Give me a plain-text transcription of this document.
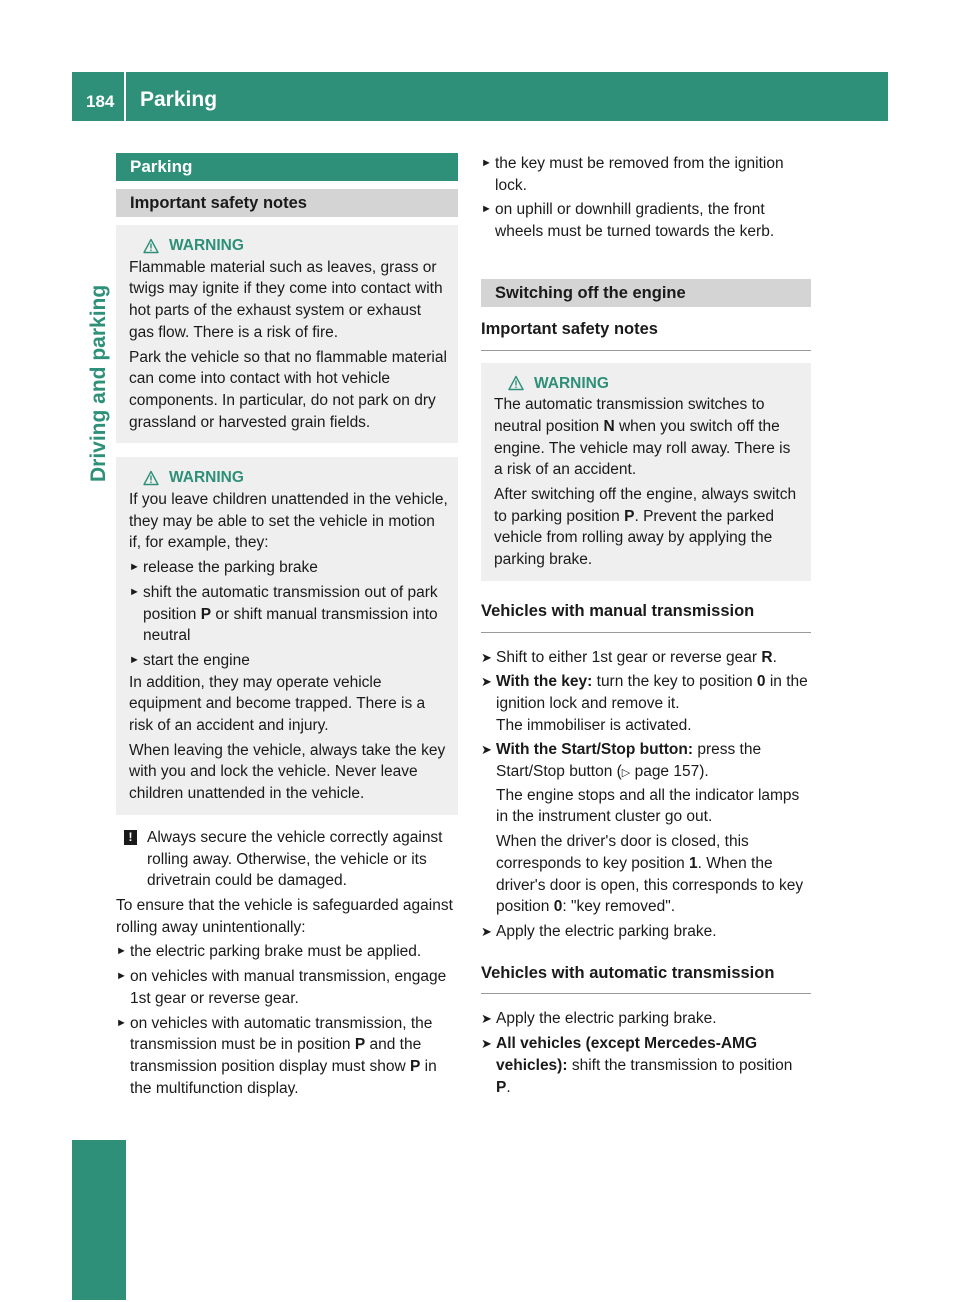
184 Parking
Driving and parking
Parking
Important safety notes
WARNING

Flammable material such as leaves, grass or twigs may ignite if they come into contact with hot parts of the exhaust system or exhaust gas flow. There is a risk of fire.

Park the vehicle so that no flammable material can come into contact with hot vehicle components. In particular, do not park on dry grassland or harvested grain fields.

WARNING

If you leave children unattended in the vehicle, they may be able to set the vehicle in motion if, for example, they:

► release the parking brake
► shift the automatic transmission out of park position P or shift manual transmission into neutral
► start the engine

In addition, they may operate vehicle equipment and become trapped. There is a risk of an accident and injury.

When leaving the vehicle, always take the key with you and lock the vehicle. Never leave children unattended in the vehicle.

! Always secure the vehicle correctly against rolling away. Otherwise, the vehicle or its drivetrain could be damaged.

To ensure that the vehicle is safeguarded against rolling away unintentionally:

► the electric parking brake must be applied.
► on vehicles with manual transmission, engage 1st gear or reverse gear.
► on vehicles with automatic transmission, the transmission must be in position P and the transmission position display must show P in the multifunction display.
► the key must be removed from the ignition lock.
► on uphill or downhill gradients, the front wheels must be turned towards the kerb.
Switching off the engine
Important safety notes
WARNING

The automatic transmission switches to neutral position N when you switch off the engine. The vehicle may roll away. There is a risk of an accident.

After switching off the engine, always switch to parking position P. Prevent the parked vehicle from rolling away by applying the parking brake.

Vehicles with manual transmission
➤ Shift to either 1st gear or reverse gear R.
➤ With the key: turn the key to position 0 in the ignition lock and remove it.
The immobiliser is activated.
➤ With the Start/Stop button: press the Start/Stop button (▷ page 157).
The engine stops and all the indicator lamps in the instrument cluster go out.
When the driver's door is closed, this corresponds to key position 1. When the driver's door is open, this corresponds to key position 0: "key removed".
➤ Apply the electric parking brake.
Vehicles with automatic transmission
➤ Apply the electric parking brake.
➤ All vehicles (except Mercedes-AMG vehicles): shift the transmission to position P.
